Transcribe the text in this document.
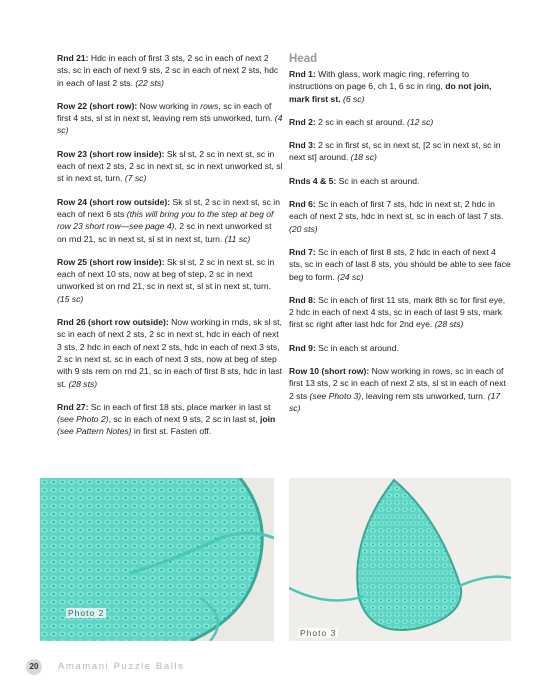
Rnd 21: Hdc in each of first 3 sts, 2 sc in each of next 2 sts, sc in each of next 9 sts, 2 sc in each of next 2 sts, hdc in each of last 2 sts. (22 sts)

Row 22 (short row): Now working in rows, sc in each of first 4 sts, sl st in next st, leaving rem sts unworked, turn. (4 sc)

Row 23 (short row inside): Sk sl st, 2 sc in next st, sc in each of next 2 sts, 2 sc in next st, sc in next unworked st, sl st in next st, turn. (7 sc)

Row 24 (short row outside): Sk sl st, 2 sc in next st, sc in each of next 6 sts (this will bring you to the step at beg of row 23 short row—see page 4), 2 sc in next unworked st on rnd 21, sc in next st, sl st in next st, turn. (11 sc)

Row 25 (short row inside): Sk sl st, 2 sc in next st, sc in each of next 10 sts, now at beg of step, 2 sc in next unworked st on rnd 21, sc in next st, sl st in next st, turn. (15 sc)

Rnd 26 (short row outside): Now working in rnds, sk sl st, sc in each of next 2 sts, 2 sc in next st, hdc in each of next 3 sts, 2 hdc in each of next 2 sts, hdc in each of next 3 sts, 2 sc in next st, sc in each of next 3 sts, now at beg of step with 9 sts rem on rnd 21, sc in each of first 8 sts, hdc in last st. (28 sts)

Rnd 27: Sc in each of first 18 sts, place marker in last st (see Photo 2), sc in each of next 9 sts, 2 sc in last st, join (see Pattern Notes) in first st. Fasten off.

Head

Rnd 1: With glass, work magic ring, referring to instructions on page 6, ch 1, 6 sc in ring, do not join, mark first st. (6 sc)

Rnd 2: 2 sc in each st around. (12 sc)

Rnd 3: 2 sc in first st, sc in next st, [2 sc in next st, sc in next st] around. (18 sc)

Rnds 4 & 5: Sc in each st around.

Rnd 6: Sc in each of first 7 sts, hdc in next st, 2 hdc in each of next 2 sts, hdc in next st, sc in each of last 7 sts. (20 sts)

Rnd 7: Sc in each of first 8 sts, 2 hdc in each of next 4 sts, sc in each of last 8 sts, you should be able to see face beg to form. (24 sc)

Rnd 8: Sc in each of first 11 sts, mark 8th sc for first eye, 2 hdc in each of next 4 sts, sc in each of last 9 sts, mark first sc right after last hdc for 2nd eye. (28 sts)

Rnd 9: Sc in each st around.

Row 10 (short row): Now working in rows, sc in each of first 13 sts, 2 sc in each of next 2 sts, sl st in each of next 2 sts (see Photo 3), leaving rem sts unworked, turn. (17 sc)

Photo 2
Photo 3
20	Amamani Puzzle Balls
